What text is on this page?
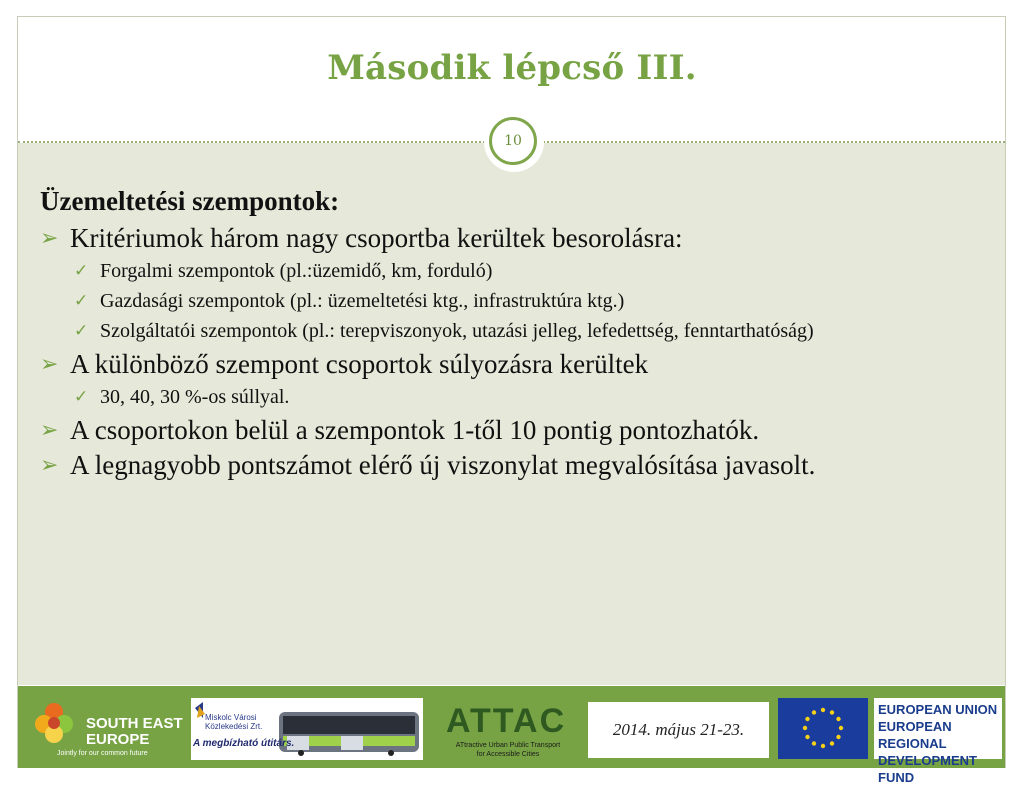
Második lépcső III.
10
Üzemeltetési szempontok:
➢ Kritériumok három nagy csoportba kerültek besorolásra:
✓ Forgalmi szempontok (pl.:üzemidő, km, forduló)
✓ Gazdasági szempontok (pl.: üzemeltetési ktg., infrastruktúra ktg.)
✓ Szolgáltatói szempontok (pl.: terepviszonyok, utazási jelleg, lefedettség, fenntarthatóság)
➢ A különböző szempont csoportok súlyozásra kerültek
✓ 30, 40, 30 %-os súllyal.
➢ A csoportokon belül a szempontok 1-től 10 pontig pontozhatók.
➢ A legnagyobb pontszámot elérő új viszonylat megvalósítása javasolt.
SOUTH EAST
EUROPE
Jointly for our common future
Miskolc Városi
Közlekedési Zrt.
A megbízható útitárs.
ATTAC
ATtractive Urban Public Transport
for Accessible Cities
2014. május 21-23.
EUROPEAN UNION
EUROPEAN REGIONAL
DEVELOPMENT FUND
